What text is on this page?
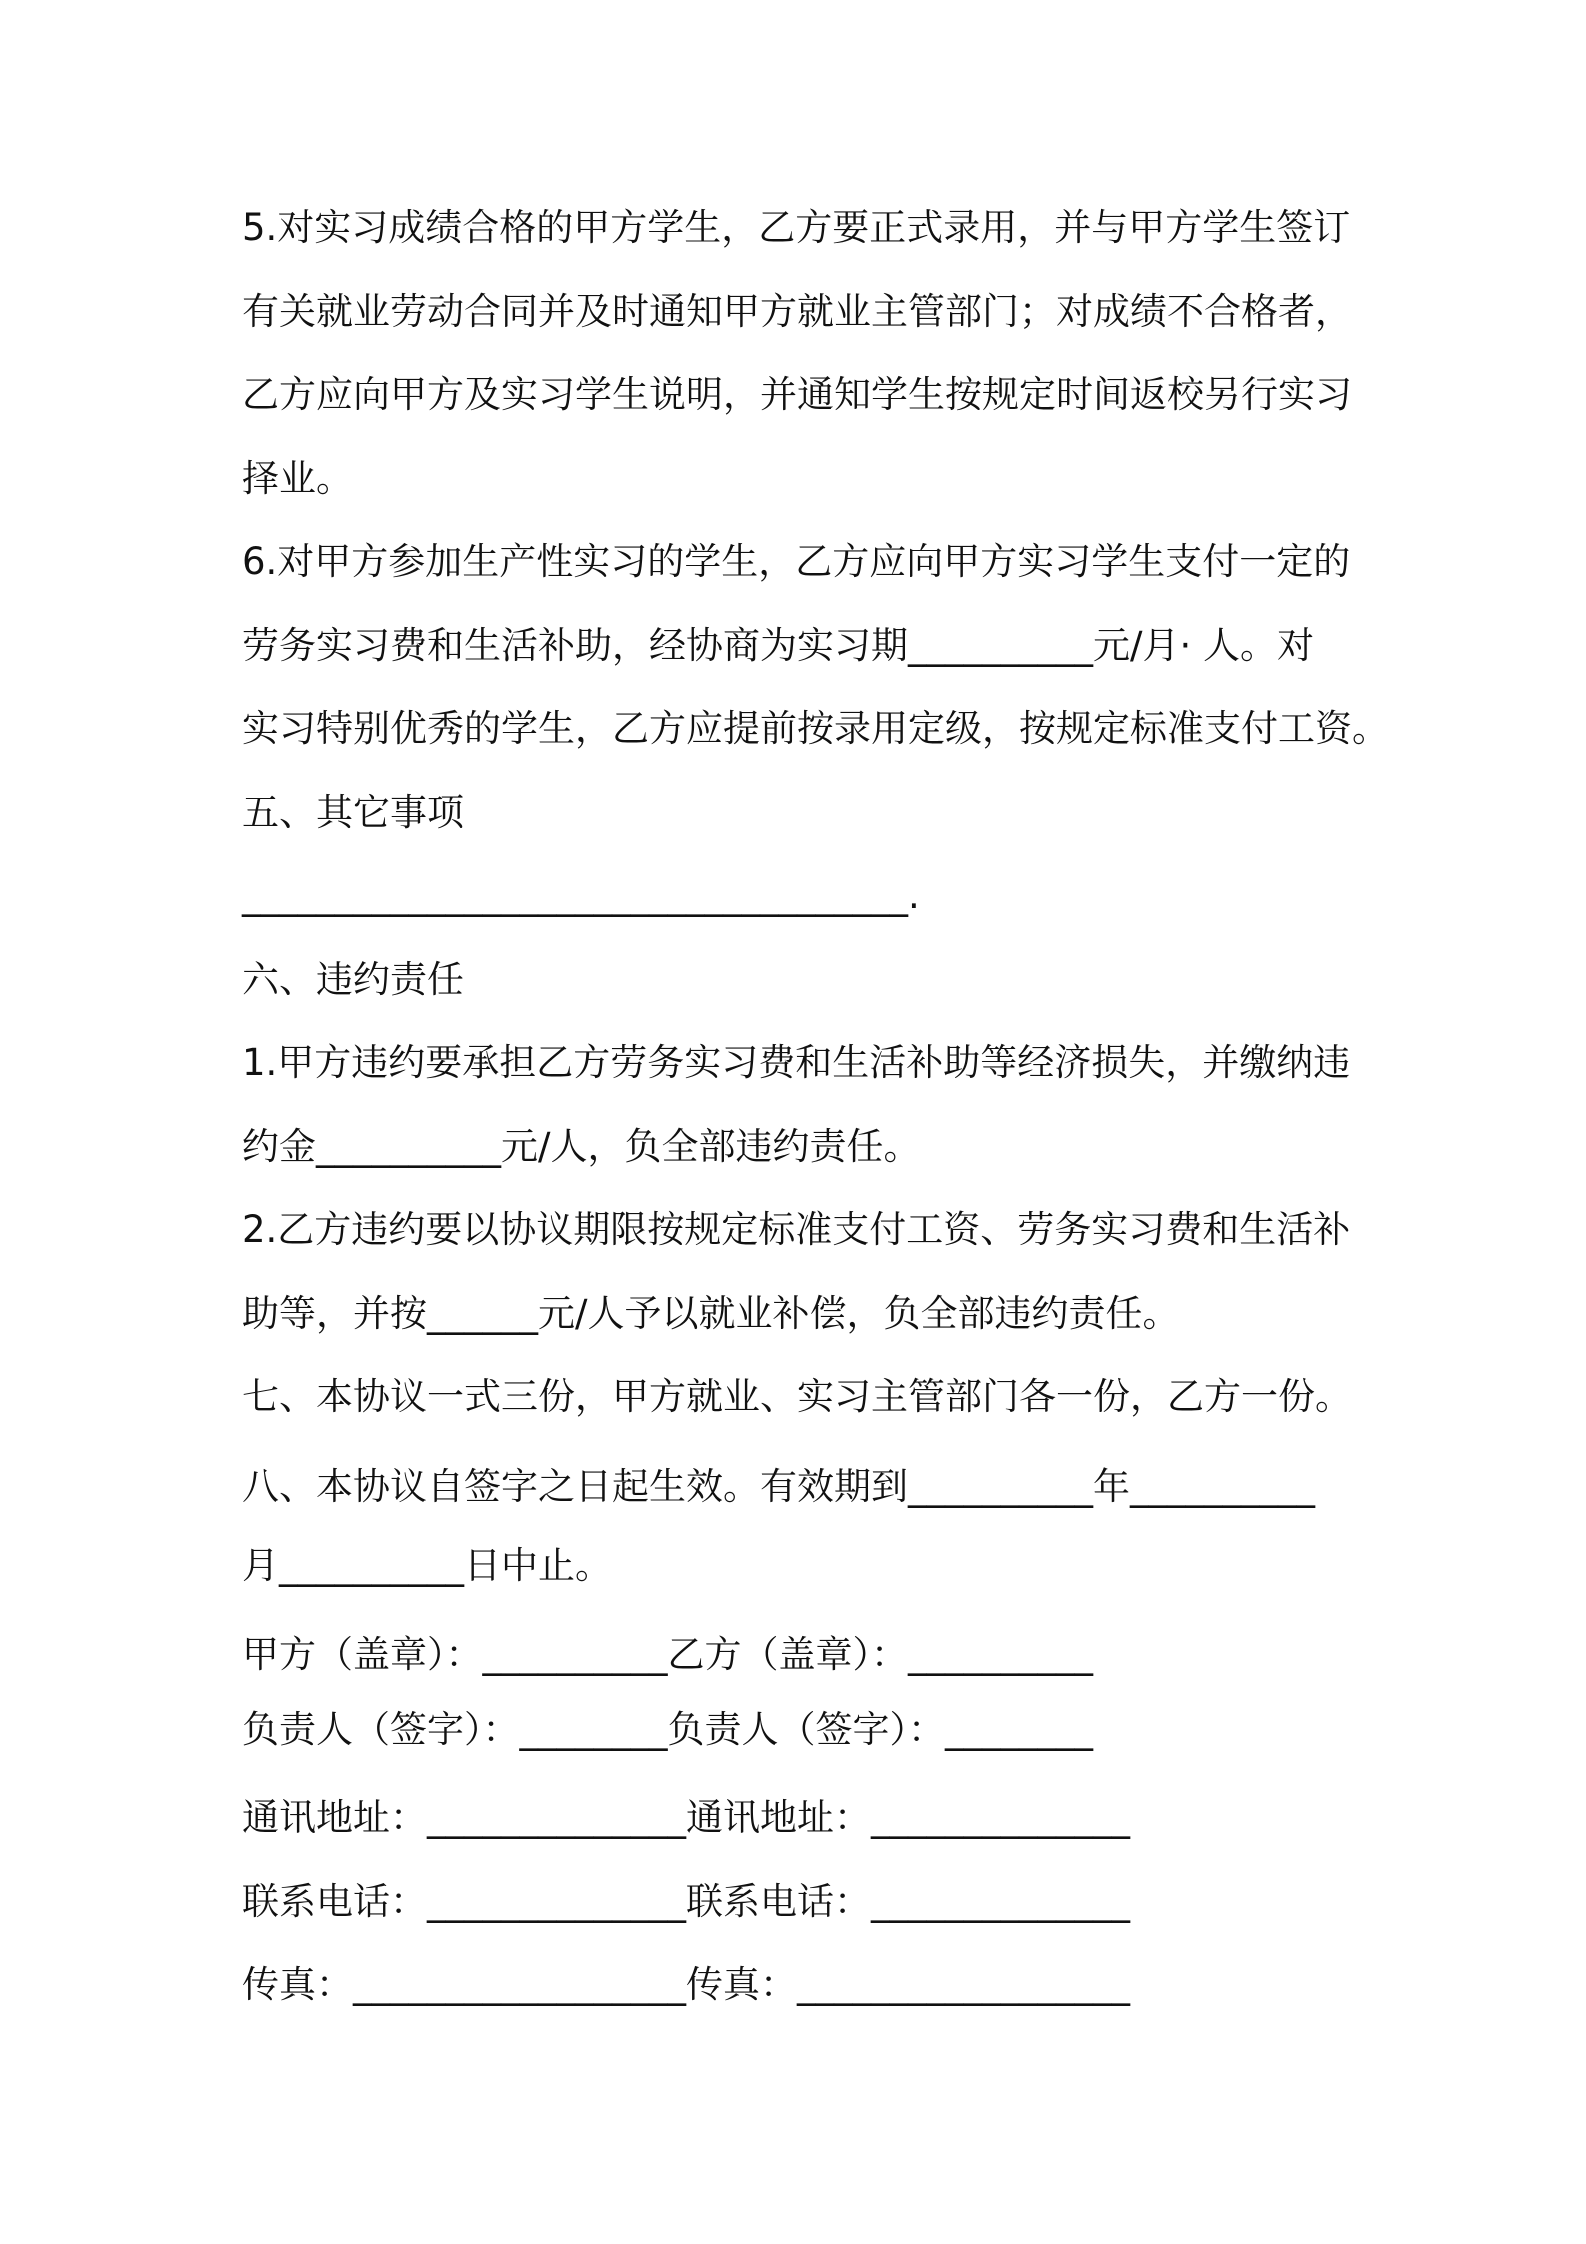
5.对实习成绩合格的甲方学生，乙方要正式录用，并与甲方学生签订

有关就业劳动合同并及时通知甲方就业主管部门；对成绩不合格者，

乙方应向甲方及实习学生说明，并通知学生按规定时间返校另行实习

择业。

6.对甲方参加生产性实习的学生，乙方应向甲方实习学生支付一定的

劳务实习费和生活补助，经协商为实习期__________元/月· 人。对

实习特别优秀的学生，乙方应提前按录用定级，按规定标准支付工资。

五、其它事项

____________________________________.

六、违约责任

1.甲方违约要承担乙方劳务实习费和生活补助等经济损失，并缴纳违

约金__________元/人，负全部违约责任。

2.乙方违约要以协议期限按规定标准支付工资、劳务实习费和生活补

助等，并按______元/人予以就业补偿，负全部违约责任。

七、本协议一式三份，甲方就业、实习主管部门各一份，乙方一份。

八、本协议自签字之日起生效。有效期到__________年__________

月__________日中止。

甲方（盖章）：__________乙方（盖章）：__________

负责人（签字）：________负责人（签字）：________

通讯地址：______________通讯地址：______________

联系电话：______________联系电话：______________

传真：__________________传真：__________________
